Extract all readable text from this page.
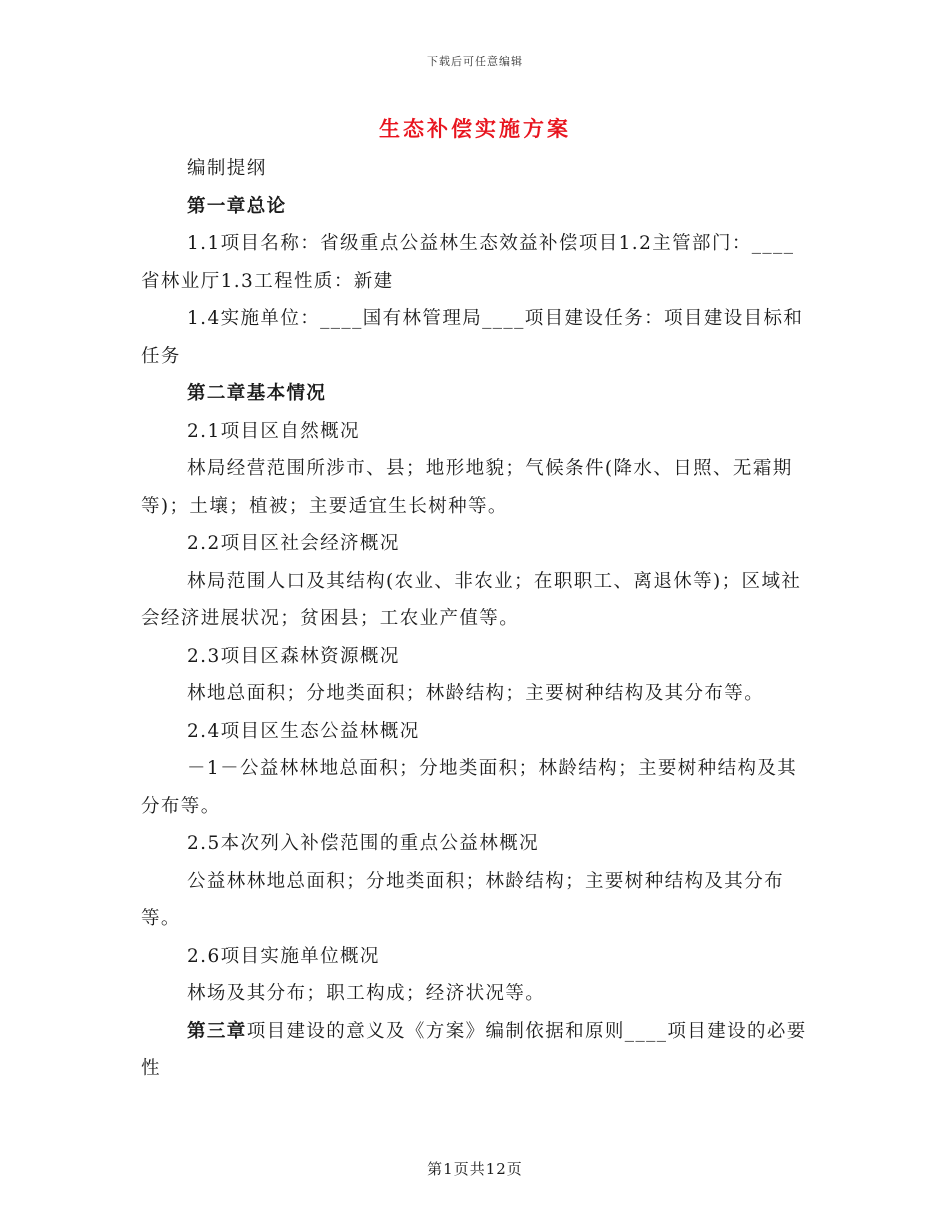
下载后可任意编辑
生态补偿实施方案

编制提纲

第一章总论

1.1项目名称：省级重点公益林生态效益补偿项目1.2主管部门：____省林业厅1.3工程性质：新建

1.4实施单位：____国有林管理局____项目建设任务：项目建设目标和任务

第二章基本情况

2.1项目区自然概况

林局经营范围所涉市、县；地形地貌；气候条件(降水、日照、无霜期等)；土壤；植被；主要适宜生长树种等。

2.2项目区社会经济概况

林局范围人口及其结构(农业、非农业；在职职工、离退休等)；区域社会经济进展状况；贫困县；工农业产值等。

2.3项目区森林资源概况

林地总面积；分地类面积；林龄结构；主要树种结构及其分布等。

2.4项目区生态公益林概况

－1－公益林林地总面积；分地类面积；林龄结构；主要树种结构及其分布等。

2.5本次列入补偿范围的重点公益林概况

公益林林地总面积；分地类面积；林龄结构；主要树种结构及其分布等。

2.6项目实施单位概况

林场及其分布；职工构成；经济状况等。

第三章项目建设的意义及《方案》编制依据和原则____项目建设的必要性

第1页共12页
